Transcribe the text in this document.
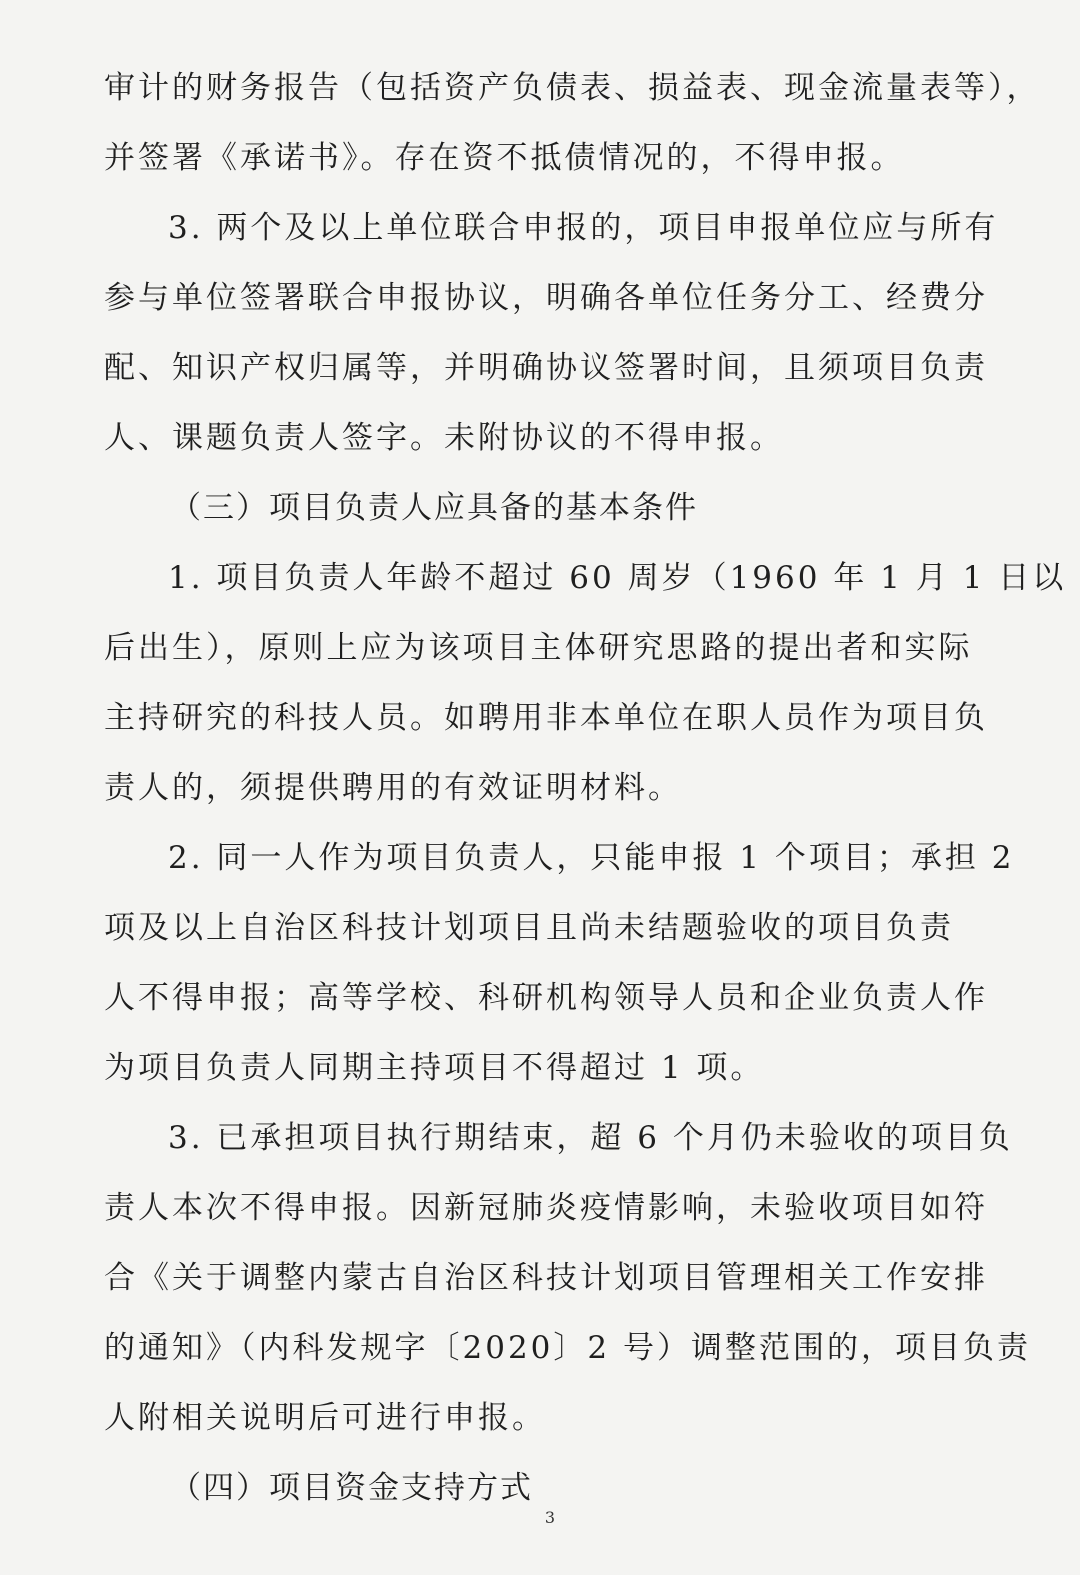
审计的财务报告（包括资产负债表、损益表、现金流量表等），
并签署《承诺书》。存在资不抵债情况的，不得申报。
3. 两个及以上单位联合申报的，项目申报单位应与所有
参与单位签署联合申报协议，明确各单位任务分工、经费分
配、知识产权归属等，并明确协议签署时间，且须项目负责
人、课题负责人签字。未附协议的不得申报。
（三）项目负责人应具备的基本条件
1. 项目负责人年龄不超过 60 周岁（1960 年 1 月 1 日以
后出生），原则上应为该项目主体研究思路的提出者和实际
主持研究的科技人员。如聘用非本单位在职人员作为项目负
责人的，须提供聘用的有效证明材料。
2. 同一人作为项目负责人，只能申报 1 个项目；承担 2
项及以上自治区科技计划项目且尚未结题验收的项目负责
人不得申报；高等学校、科研机构领导人员和企业负责人作
为项目负责人同期主持项目不得超过 1 项。
3. 已承担项目执行期结束，超 6 个月仍未验收的项目负
责人本次不得申报。因新冠肺炎疫情影响，未验收项目如符
合《关于调整内蒙古自治区科技计划项目管理相关工作安排
的通知》（内科发规字〔2020〕2 号）调整范围的，项目负责
人附相关说明后可进行申报。
（四）项目资金支持方式
3
